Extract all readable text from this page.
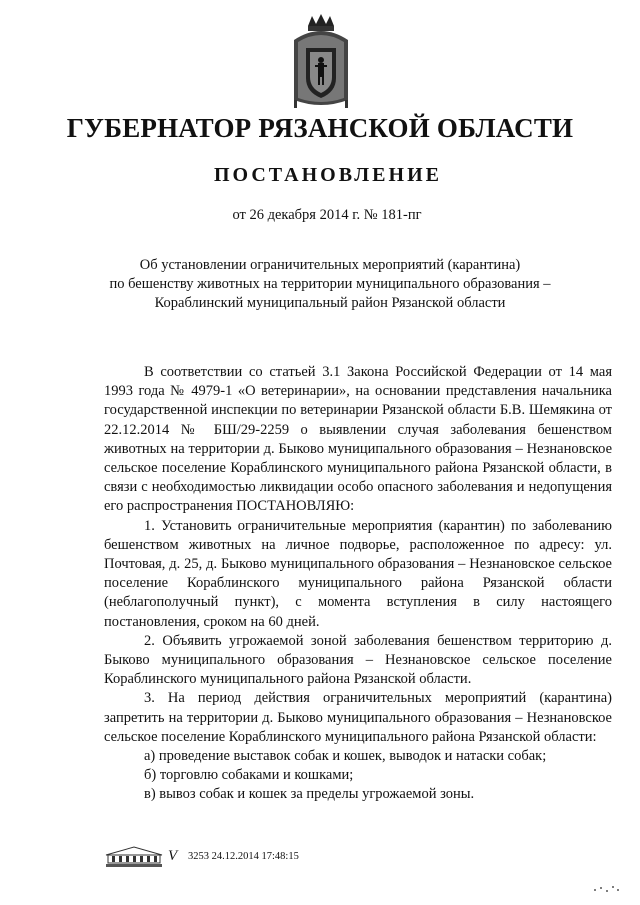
ГУБЕРНАТОР РЯЗАНСКОЙ ОБЛАСТИ
ПОСТАНОВЛЕНИЕ
от 26 декабря 2014 г. № 181-пг
Об установлении ограничительных мероприятий (карантина)
по бешенству животных на территории муниципального образования –
Кораблинский муниципальный район Рязанской области

В соответствии со статьей 3.1 Закона Российской Федерации от 14 мая 1993 года № 4979-1 «О ветеринарии», на основании представления начальника государственной инспекции по ветеринарии Рязанской области Б.В. Шемякина от 22.12.2014 № БШ/29-2259 о выявлении случая заболевания бешенством животных на территории д. Быково муниципального образования – Незнановское сельское поселение Кораблинского муниципального района Рязанской области, в связи с необходимостью ликвидации особо опасного заболевания и недопущения его распространения ПОСТАНОВЛЯЮ:

1. Установить ограничительные мероприятия (карантин) по заболеванию бешенством животных на личное подворье, расположенное по адресу: ул. Почтовая, д. 25, д. Быково муниципального образования – Незнановское сельское поселение Кораблинского муниципального района Рязанской области (неблагополучный пункт), с момента вступления в силу настоящего постановления, сроком на 60 дней.

2. Объявить угрожаемой зоной заболевания бешенством территорию д. Быково муниципального образования – Незнановское сельское поселение Кораблинского муниципального района Рязанской области.

3. На период действия ограничительных мероприятий (карантина) запретить на территории д. Быково муниципального образования – Незнановское сельское поселение Кораблинского муниципального района Рязанской области:

а) проведение выставок собак и кошек, выводок и натаски собак;

б) торговлю собаками и кошками;

в) вывоз собак и кошек за пределы угрожаемой зоны.

V 3253 24.12.2014 17:48:15
